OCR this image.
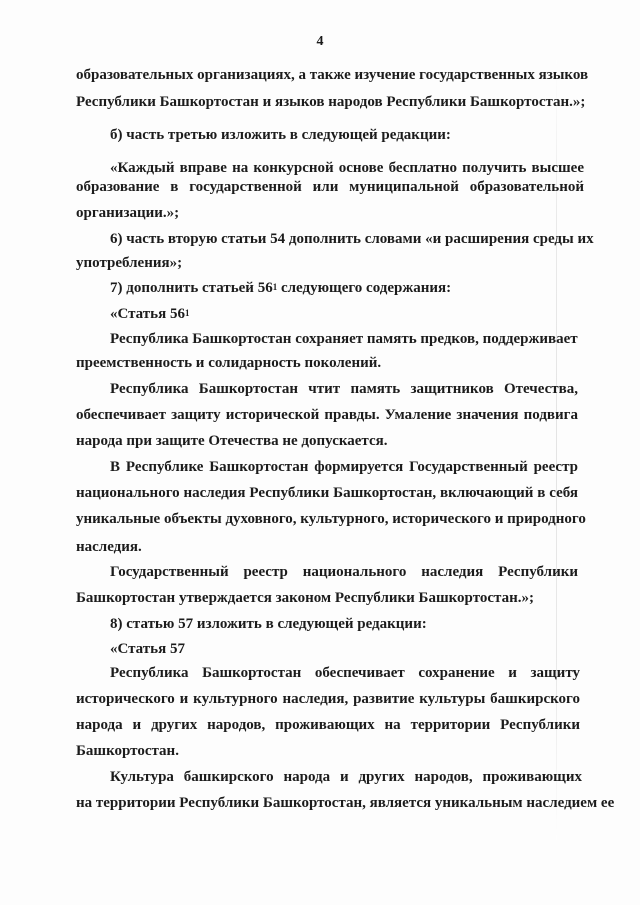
4
образовательных организациях, а также изучение государственных языков
Республики Башкортостан и языков народов Республики Башкортостан.»;
б) часть третью изложить в следующей редакции:
«Каждый вправе на конкурсной основе бесплатно получить высшее
образование в государственной или муниципальной образовательной
организации.»;
6) часть вторую статьи 54 дополнить словами «и расширения среды их
употребления»;
7) дополнить статьей $56^1$ следующего содержания:
«Статья $56^1$
Республика Башкортостан сохраняет память предков, поддерживает
преемственность и солидарность поколений.
Республика Башкортостан чтит память защитников Отечества,
обеспечивает защиту исторической правды. Умаление значения подвига
народа при защите Отечества не допускается.
В Республике Башкортостан формируется Государственный реестр
национального наследия Республики Башкортостан, включающий в себя
уникальные объекты духовного, культурного, исторического и природного
наследия.
Государственный реестр национального наследия Республики
Башкортостан утверждается законом Республики Башкортостан.»;
8) статью 57 изложить в следующей редакции:
«Статья 57
Республика Башкортостан обеспечивает сохранение и защиту
исторического и культурного наследия, развитие культуры башкирского
народа и других народов, проживающих на территории Республики
Башкортостан.
Культура башкирского народа и других народов, проживающих
на территории Республики Башкортостан, является уникальным наследием ее
